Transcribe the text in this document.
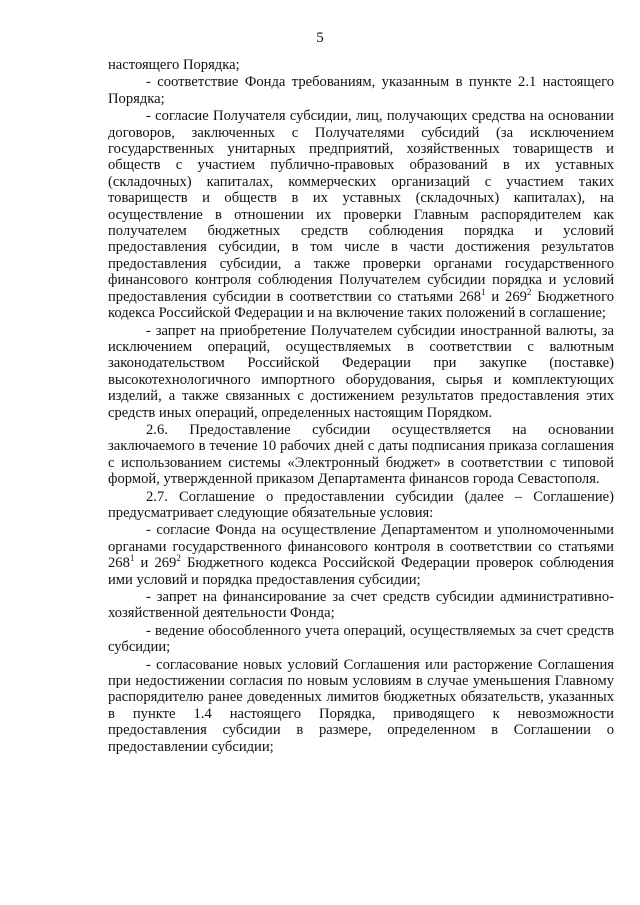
5

настоящего Порядка;

- соответствие Фонда требованиям, указанным в пункте 2.1 настоящего Порядка;

- согласие Получателя субсидии, лиц, получающих средства на основании договоров, заключенных с Получателями субсидий (за исключением государственных унитарных предприятий, хозяйственных товариществ и обществ с участием публично-правовых образований в их уставных (складочных) капиталах, коммерческих организаций с участием таких товариществ и обществ в их уставных (складочных) капиталах), на осуществление в отношении их проверки Главным распорядителем как получателем бюджетных средств соблюдения порядка и условий предоставления субсидии, в том числе в части достижения результатов предоставления субсидии, а также проверки органами государственного финансового контроля соблюдения Получателем субсидии порядка и условий предоставления субсидии в соответствии со статьями $268^1$ и $269^2$ Бюджетного кодекса Российской Федерации и на включение таких положений в соглашение;

- запрет на приобретение Получателем субсидии иностранной валюты, за исключением операций, осуществляемых в соответствии с валютным законодательством Российской Федерации при закупке (поставке) высокотехнологичного импортного оборудования, сырья и комплектующих изделий, а также связанных с достижением результатов предоставления этих средств иных операций, определенных настоящим Порядком.

2.6. Предоставление субсидии осуществляется на основании заключаемого в течение 10 рабочих дней с даты подписания приказа соглашения с использованием системы «Электронный бюджет» в соответствии с типовой формой, утвержденной приказом Департамента финансов города Севастополя.

2.7. Соглашение о предоставлении субсидии (далее – Соглашение) предусматривает следующие обязательные условия:

- согласие Фонда на осуществление Департаментом и уполномоченными органами государственного финансового контроля в соответствии со статьями $268^1$ и $269^2$ Бюджетного кодекса Российской Федерации проверок соблюдения ими условий и порядка предоставления субсидии;

- запрет на финансирование за счет средств субсидии административно-хозяйственной деятельности Фонда;

- ведение обособленного учета операций, осуществляемых за счет средств субсидии;

- согласование новых условий Соглашения или расторжение Соглашения при недостижении согласия по новым условиям в случае уменьшения Главному распорядителю ранее доведенных лимитов бюджетных обязательств, указанных в пункте 1.4 настоящего Порядка, приводящего к невозможности предоставления субсидии в размере, определенном в Соглашении о предоставлении субсидии;
